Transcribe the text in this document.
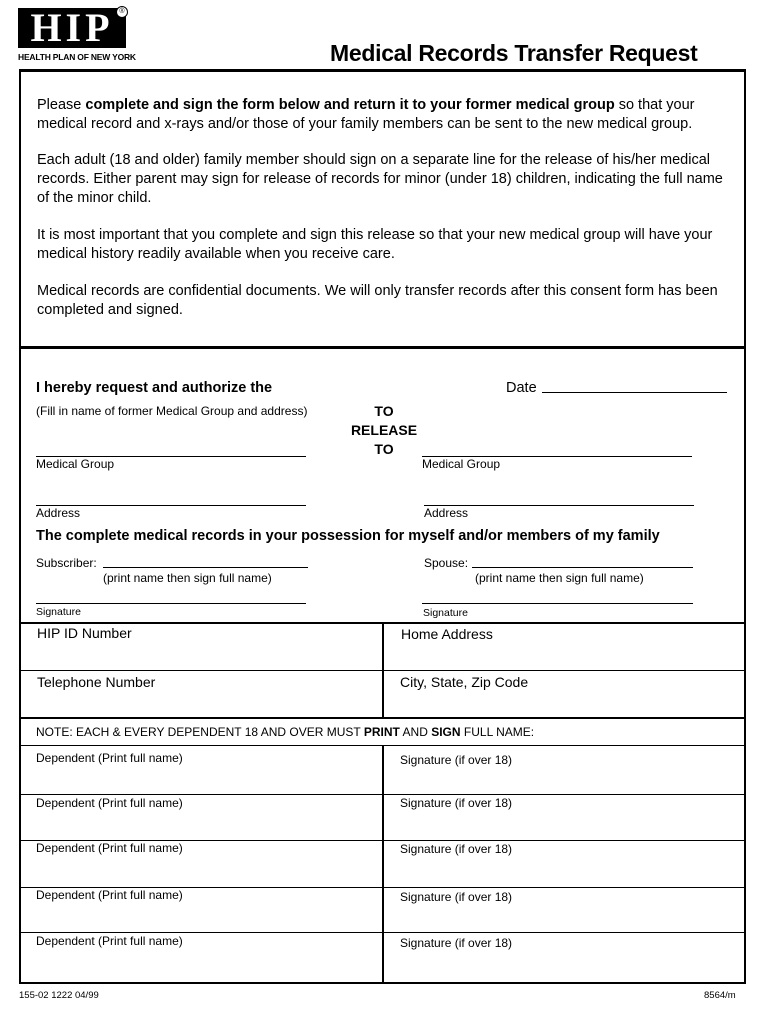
HIP ®
HEALTH PLAN OF NEW YORK	Medical Records Transfer Request

Please complete and sign the form below and return it to your former medical group so that your medical record and x-rays and/or those of your family members can be sent to the new medical group.

Each adult (18 and older) family member should sign on a separate line for the release of his/her medical records. Either parent may sign for release of records for minor (under 18) children, indicating the full name of the minor child.

It is most important that you complete and sign this release so that your new medical group will have your medical history readily available when you receive care.

Medical records are confidential documents. We will only transfer records after this consent form has been completed and signed.

I hereby request and authorize the	Date
(Fill in name of former Medical Group and address)	TO
RELEASE
TO
Medical Group	Medical Group
Address	Address
The complete medical records in your possession for myself and/or members of my family
Subscriber:
(print name then sign full name)
Spouse:
(print name then sign full name)
Signature	Signature
HIP ID Number	Home Address
Telephone Number	City, State, Zip Code
NOTE: EACH & EVERY DEPENDENT 18 AND OVER MUST PRINT AND SIGN FULL NAME:
Dependent (Print full name)	Signature (if over 18)
Dependent (Print full name)	Signature (if over 18)
Dependent (Print full name)	Signature (if over 18)
Dependent (Print full name)	Signature (if over 18)
Dependent (Print full name)	Signature (if over 18)
155-02 1222 04/99	8564/m
